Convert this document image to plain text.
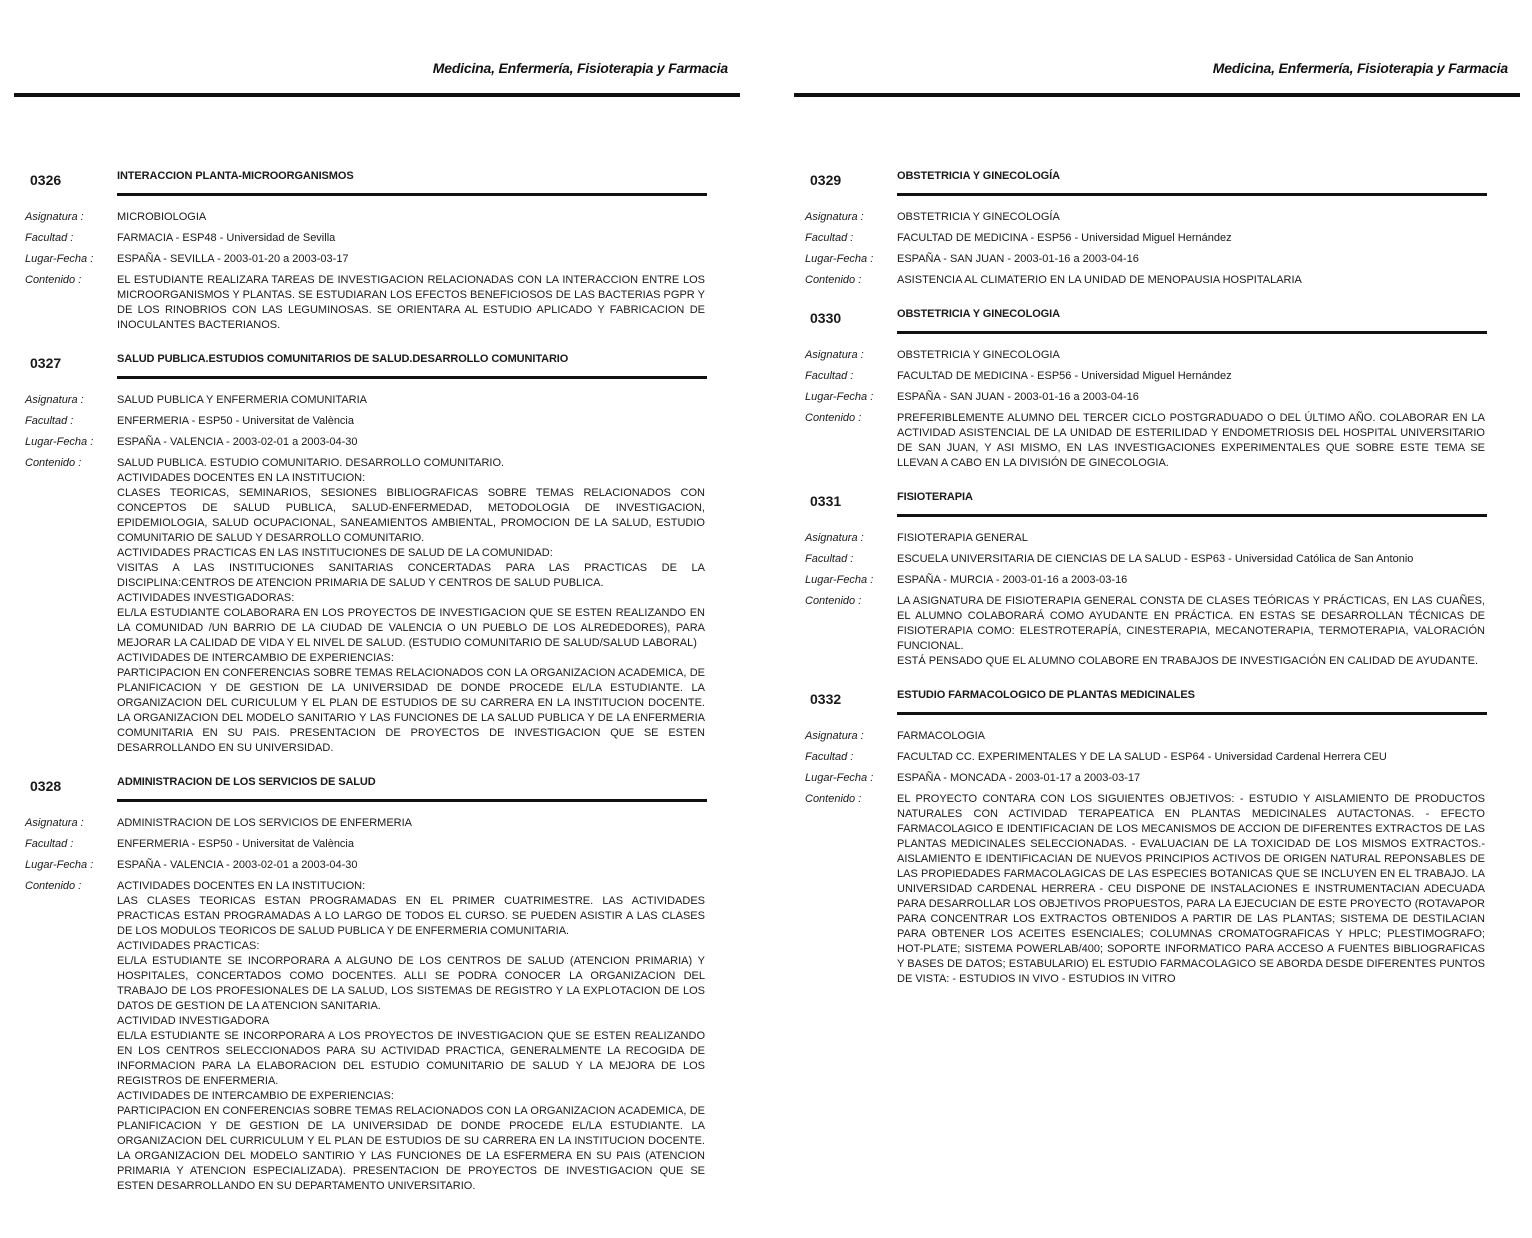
Medicina, Enfermería, Fisioterapia y Farmacia
0326	INTERACCION PLANTA-MICROORGANISMOS
Asignatura :	MICROBIOLOGIA
Facultad :	FARMACIA - ESP48 - Universidad de Sevilla
Lugar-Fecha :	ESPAÑA - SEVILLA - 2003-01-20 a 2003-03-17
Contenido :	EL ESTUDIANTE REALIZARA TAREAS DE INVESTIGACION RELACIONADAS CON LA INTERACCION ENTRE LOS MICROORGANISMOS Y PLANTAS. SE ESTUDIARAN LOS EFECTOS BENEFICIOSOS DE LAS BACTERIAS PGPR Y DE LOS RINOBRIOS CON LAS LEGUMINOSAS. SE ORIENTARA AL ESTUDIO APLICADO Y FABRICACION DE INOCULANTES BACTERIANOS.
0327	SALUD PUBLICA.ESTUDIOS COMUNITARIOS DE SALUD.DESARROLLO COMUNITARIO
Asignatura :	SALUD PUBLICA Y ENFERMERIA COMUNITARIA
Facultad :	ENFERMERIA - ESP50 - Universitat de València
Lugar-Fecha :	ESPAÑA - VALENCIA - 2003-02-01 a 2003-04-30
Contenido :	SALUD PUBLICA. ESTUDIO COMUNITARIO. DESARROLLO COMUNITARIO.
ACTIVIDADES DOCENTES EN LA INSTITUCION:
CLASES TEORICAS, SEMINARIOS, SESIONES BIBLIOGRAFICAS SOBRE TEMAS RELACIONADOS CON CONCEPTOS DE SALUD PUBLICA, SALUD-ENFERMEDAD, METODOLOGIA DE INVESTIGACION, EPIDEMIOLOGIA, SALUD OCUPACIONAL, SANEAMIENTOS AMBIENTAL, PROMOCION DE LA SALUD, ESTUDIO COMUNITARIO DE SALUD Y DESARROLLO COMUNITARIO.
ACTIVIDADES PRACTICAS EN LAS INSTITUCIONES DE SALUD DE LA COMUNIDAD:
VISITAS A LAS INSTITUCIONES SANITARIAS CONCERTADAS PARA LAS PRACTICAS DE LA DISCIPLINA:CENTROS DE ATENCION PRIMARIA DE SALUD Y CENTROS DE SALUD PUBLICA.
ACTIVIDADES INVESTIGADORAS:
EL/LA ESTUDIANTE COLABORARA EN LOS PROYECTOS DE INVESTIGACION QUE SE ESTEN REALIZANDO EN LA COMUNIDAD /UN BARRIO DE LA CIUDAD DE VALENCIA O UN PUEBLO DE LOS ALREDEDORES), PARA MEJORAR LA CALIDAD DE VIDA Y EL NIVEL DE SALUD. (ESTUDIO COMUNITARIO DE SALUD/SALUD LABORAL)
ACTIVIDADES DE INTERCAMBIO DE EXPERIENCIAS:
PARTICIPACION EN CONFERENCIAS SOBRE TEMAS RELACIONADOS CON LA ORGANIZACION ACADEMICA, DE PLANIFICACION Y DE GESTION DE LA UNIVERSIDAD DE DONDE PROCEDE EL/LA ESTUDIANTE. LA ORGANIZACION DEL CURICULUM Y EL PLAN DE ESTUDIOS DE SU CARRERA EN LA INSTITUCION DOCENTE. LA ORGANIZACION DEL MODELO SANITARIO Y LAS FUNCIONES DE LA SALUD PUBLICA Y DE LA ENFERMERIA COMUNITARIA EN SU PAIS. PRESENTACION DE PROYECTOS DE INVESTIGACION QUE SE ESTEN DESARROLLANDO EN SU UNIVERSIDAD.
0328	ADMINISTRACION DE LOS SERVICIOS DE SALUD
Asignatura :	ADMINISTRACION DE LOS SERVICIOS DE ENFERMERIA
Facultad :	ENFERMERIA - ESP50 - Universitat de València
Lugar-Fecha :	ESPAÑA - VALENCIA - 2003-02-01 a 2003-04-30
Contenido :	ACTIVIDADES DOCENTES EN LA INSTITUCION:
LAS CLASES TEORICAS ESTAN PROGRAMADAS EN EL PRIMER CUATRIMESTRE. LAS ACTIVIDADES PRACTICAS ESTAN PROGRAMADAS A LO LARGO DE TODOS EL CURSO. SE PUEDEN ASISTIR A LAS CLASES DE LOS MODULOS TEORICOS DE SALUD PUBLICA Y DE ENFERMERIA COMUNITARIA.
ACTIVIDADES PRACTICAS:
EL/LA ESTUDIANTE SE INCORPORARA A ALGUNO DE LOS CENTROS DE SALUD (ATENCION PRIMARIA) Y HOSPITALES, CONCERTADOS COMO DOCENTES. ALLI SE PODRA CONOCER LA ORGANIZACION DEL TRABAJO DE LOS PROFESIONALES DE LA SALUD, LOS SISTEMAS DE REGISTRO Y LA EXPLOTACION DE LOS DATOS DE GESTION DE LA ATENCION SANITARIA.
ACTIVIDAD INVESTIGADORA
EL/LA ESTUDIANTE SE INCORPORARA A LOS PROYECTOS DE INVESTIGACION QUE SE ESTEN REALIZANDO EN LOS CENTROS SELECCIONADOS PARA SU ACTIVIDAD PRACTICA, GENERALMENTE LA RECOGIDA DE INFORMACION PARA LA ELABORACION DEL ESTUDIO COMUNITARIO DE SALUD Y LA MEJORA DE LOS REGISTROS DE ENFERMERIA.
ACTIVIDADES DE INTERCAMBIO DE EXPERIENCIAS:
PARTICIPACION EN CONFERENCIAS SOBRE TEMAS RELACIONADOS CON LA ORGANIZACION ACADEMICA, DE PLANIFICACION Y DE GESTION DE LA UNIVERSIDAD DE DONDE PROCEDE EL/LA ESTUDIANTE. LA ORGANIZACION DEL CURRICULUM Y EL PLAN DE ESTUDIOS DE SU CARRERA EN LA INSTITUCION DOCENTE. LA ORGANIZACION DEL MODELO SANTIRIO Y LAS FUNCIONES DE LA ESFERMERA EN SU PAIS (ATENCION PRIMARIA Y ATENCION ESPECIALIZADA). PRESENTACION DE PROYECTOS DE INVESTIGACION QUE SE ESTEN DESARROLLANDO EN SU DEPARTAMENTO UNIVERSITARIO.
Medicina, Enfermería, Fisioterapia y Farmacia
0329	OBSTETRICIA Y GINECOLOGÍA
Asignatura :	OBSTETRICIA Y GINECOLOGÍA
Facultad :	FACULTAD DE MEDICINA - ESP56 - Universidad Miguel Hernández
Lugar-Fecha :	ESPAÑA - SAN JUAN - 2003-01-16 a 2003-04-16
Contenido :	ASISTENCIA AL CLIMATERIO EN LA UNIDAD DE MENOPAUSIA HOSPITALARIA
0330	OBSTETRICIA Y GINECOLOGIA
Asignatura :	OBSTETRICIA Y GINECOLOGIA
Facultad :	FACULTAD DE MEDICINA - ESP56 - Universidad Miguel Hernández
Lugar-Fecha :	ESPAÑA - SAN JUAN - 2003-01-16 a 2003-04-16
Contenido :	PREFERIBLEMENTE ALUMNO DEL TERCER CICLO POSTGRADUADO O DEL ÚLTIMO AÑO. COLABORAR EN LA ACTIVIDAD ASISTENCIAL DE LA UNIDAD DE ESTERILIDAD Y ENDOMETRIOSIS DEL HOSPITAL UNIVERSITARIO DE SAN JUAN, Y ASI MISMO, EN LAS INVESTIGACIONES EXPERIMENTALES QUE SOBRE ESTE TEMA SE LLEVAN A CABO EN LA DIVISIÓN DE GINECOLOGIA.
0331	FISIOTERAPIA
Asignatura :	FISIOTERAPIA GENERAL
Facultad :	ESCUELA UNIVERSITARIA DE CIENCIAS DE LA SALUD - ESP63 - Universidad Católica de San Antonio
Lugar-Fecha :	ESPAÑA - MURCIA - 2003-01-16 a 2003-03-16
Contenido :	LA ASIGNATURA DE FISIOTERAPIA GENERAL CONSTA DE CLASES TEÓRICAS Y PRÁCTICAS, EN LAS CUAÑES, EL ALUMNO COLABORARÁ COMO AYUDANTE EN PRÁCTICA. EN ESTAS SE DESARROLLAN TÉCNICAS DE FISIOTERAPIA COMO: ELESTROTERAPÍA, CINESTERAPIA, MECANOTERAPIA, TERMOTERAPIA, VALORACIÓN FUNCIONAL.
ESTÁ PENSADO QUE EL ALUMNO COLABORE EN TRABAJOS DE INVESTIGACIÓN EN CALIDAD DE AYUDANTE.
0332	ESTUDIO FARMACOLOGICO DE PLANTAS MEDICINALES
Asignatura :	FARMACOLOGIA
Facultad :	FACULTAD CC. EXPERIMENTALES Y DE LA SALUD - ESP64 - Universidad Cardenal Herrera CEU
Lugar-Fecha :	ESPAÑA - MONCADA - 2003-01-17 a 2003-03-17
Contenido :	EL PROYECTO CONTARA CON LOS SIGUIENTES OBJETIVOS: - ESTUDIO Y AISLAMIENTO DE PRODUCTOS NATURALES CON ACTIVIDAD TERAPEATICA EN PLANTAS MEDICINALES AUTACTONAS. - EFECTO FARMACOLAGICO E IDENTIFICACIAN DE LOS MECANISMOS DE ACCION DE DIFERENTES EXTRACTOS DE LAS PLANTAS MEDICINALES SELECCIONADAS. - EVALUACIAN DE LA TOXICIDAD DE LOS MISMOS EXTRACTOS.- AISLAMIENTO E IDENTIFICACIAN DE NUEVOS PRINCIPIOS ACTIVOS DE ORIGEN NATURAL REPONSABLES DE LAS PROPIEDADES FARMACOLAGICAS DE LAS ESPECIES BOTANICAS QUE SE INCLUYEN EN EL TRABAJO. LA UNIVERSIDAD CARDENAL HERRERA - CEU DISPONE DE INSTALACIONES E INSTRUMENTACIAN ADECUADA PARA DESARROLLAR LOS OBJETIVOS PROPUESTOS, PARA LA EJECUCIAN DE ESTE PROYECTO (ROTAVAPOR PARA CONCENTRAR LOS EXTRACTOS OBTENIDOS A PARTIR DE LAS PLANTAS; SISTEMA DE DESTILACIAN PARA OBTENER LOS ACEITES ESENCIALES; COLUMNAS CROMATOGRAFICAS Y HPLC; PLESTIMOGRAFO; HOT-PLATE; SISTEMA POWERLAB/400; SOPORTE INFORMATICO PARA ACCESO A FUENTES BIBLIOGRAFICAS Y BASES DE DATOS; ESTABULARIO) EL ESTUDIO FARMACOLAGICO SE ABORDA DESDE DIFERENTES PUNTOS DE VISTA: - ESTUDIOS IN VIVO - ESTUDIOS IN VITRO
